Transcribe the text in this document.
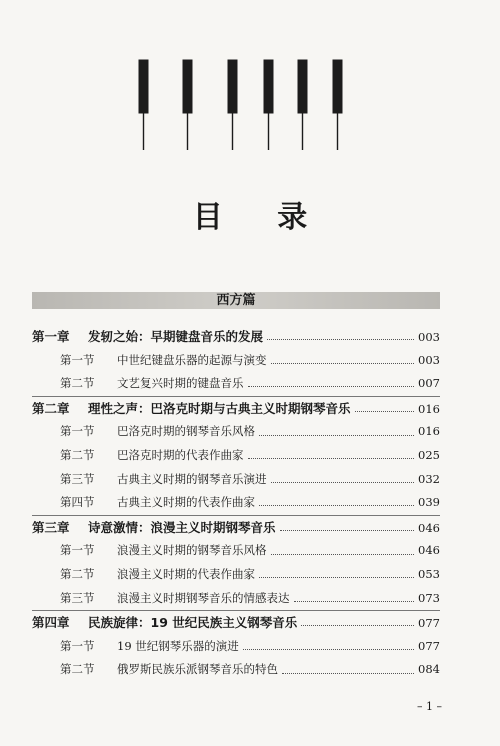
目 录
西方篇
第一章	发轫之始：早期键盘音乐的发展	003
第一节	中世纪键盘乐器的起源与演变	003
第二节	文艺复兴时期的键盘音乐	007
第二章	理性之声：巴洛克时期与古典主义时期钢琴音乐	016
第一节	巴洛克时期的钢琴音乐风格	016
第二节	巴洛克时期的代表作曲家	025
第三节	古典主义时期的钢琴音乐演进	032
第四节	古典主义时期的代表作曲家	039
第三章	诗意激情：浪漫主义时期钢琴音乐	046
第一节	浪漫主义时期的钢琴音乐风格	046
第二节	浪漫主义时期的代表作曲家	053
第三节	浪漫主义时期钢琴音乐的情感表达	073
第四章	民族旋律：19 世纪民族主义钢琴音乐	077
第一节	19 世纪钢琴乐器的演进	077
第二节	俄罗斯民族乐派钢琴音乐的特色	084
– 1 –
